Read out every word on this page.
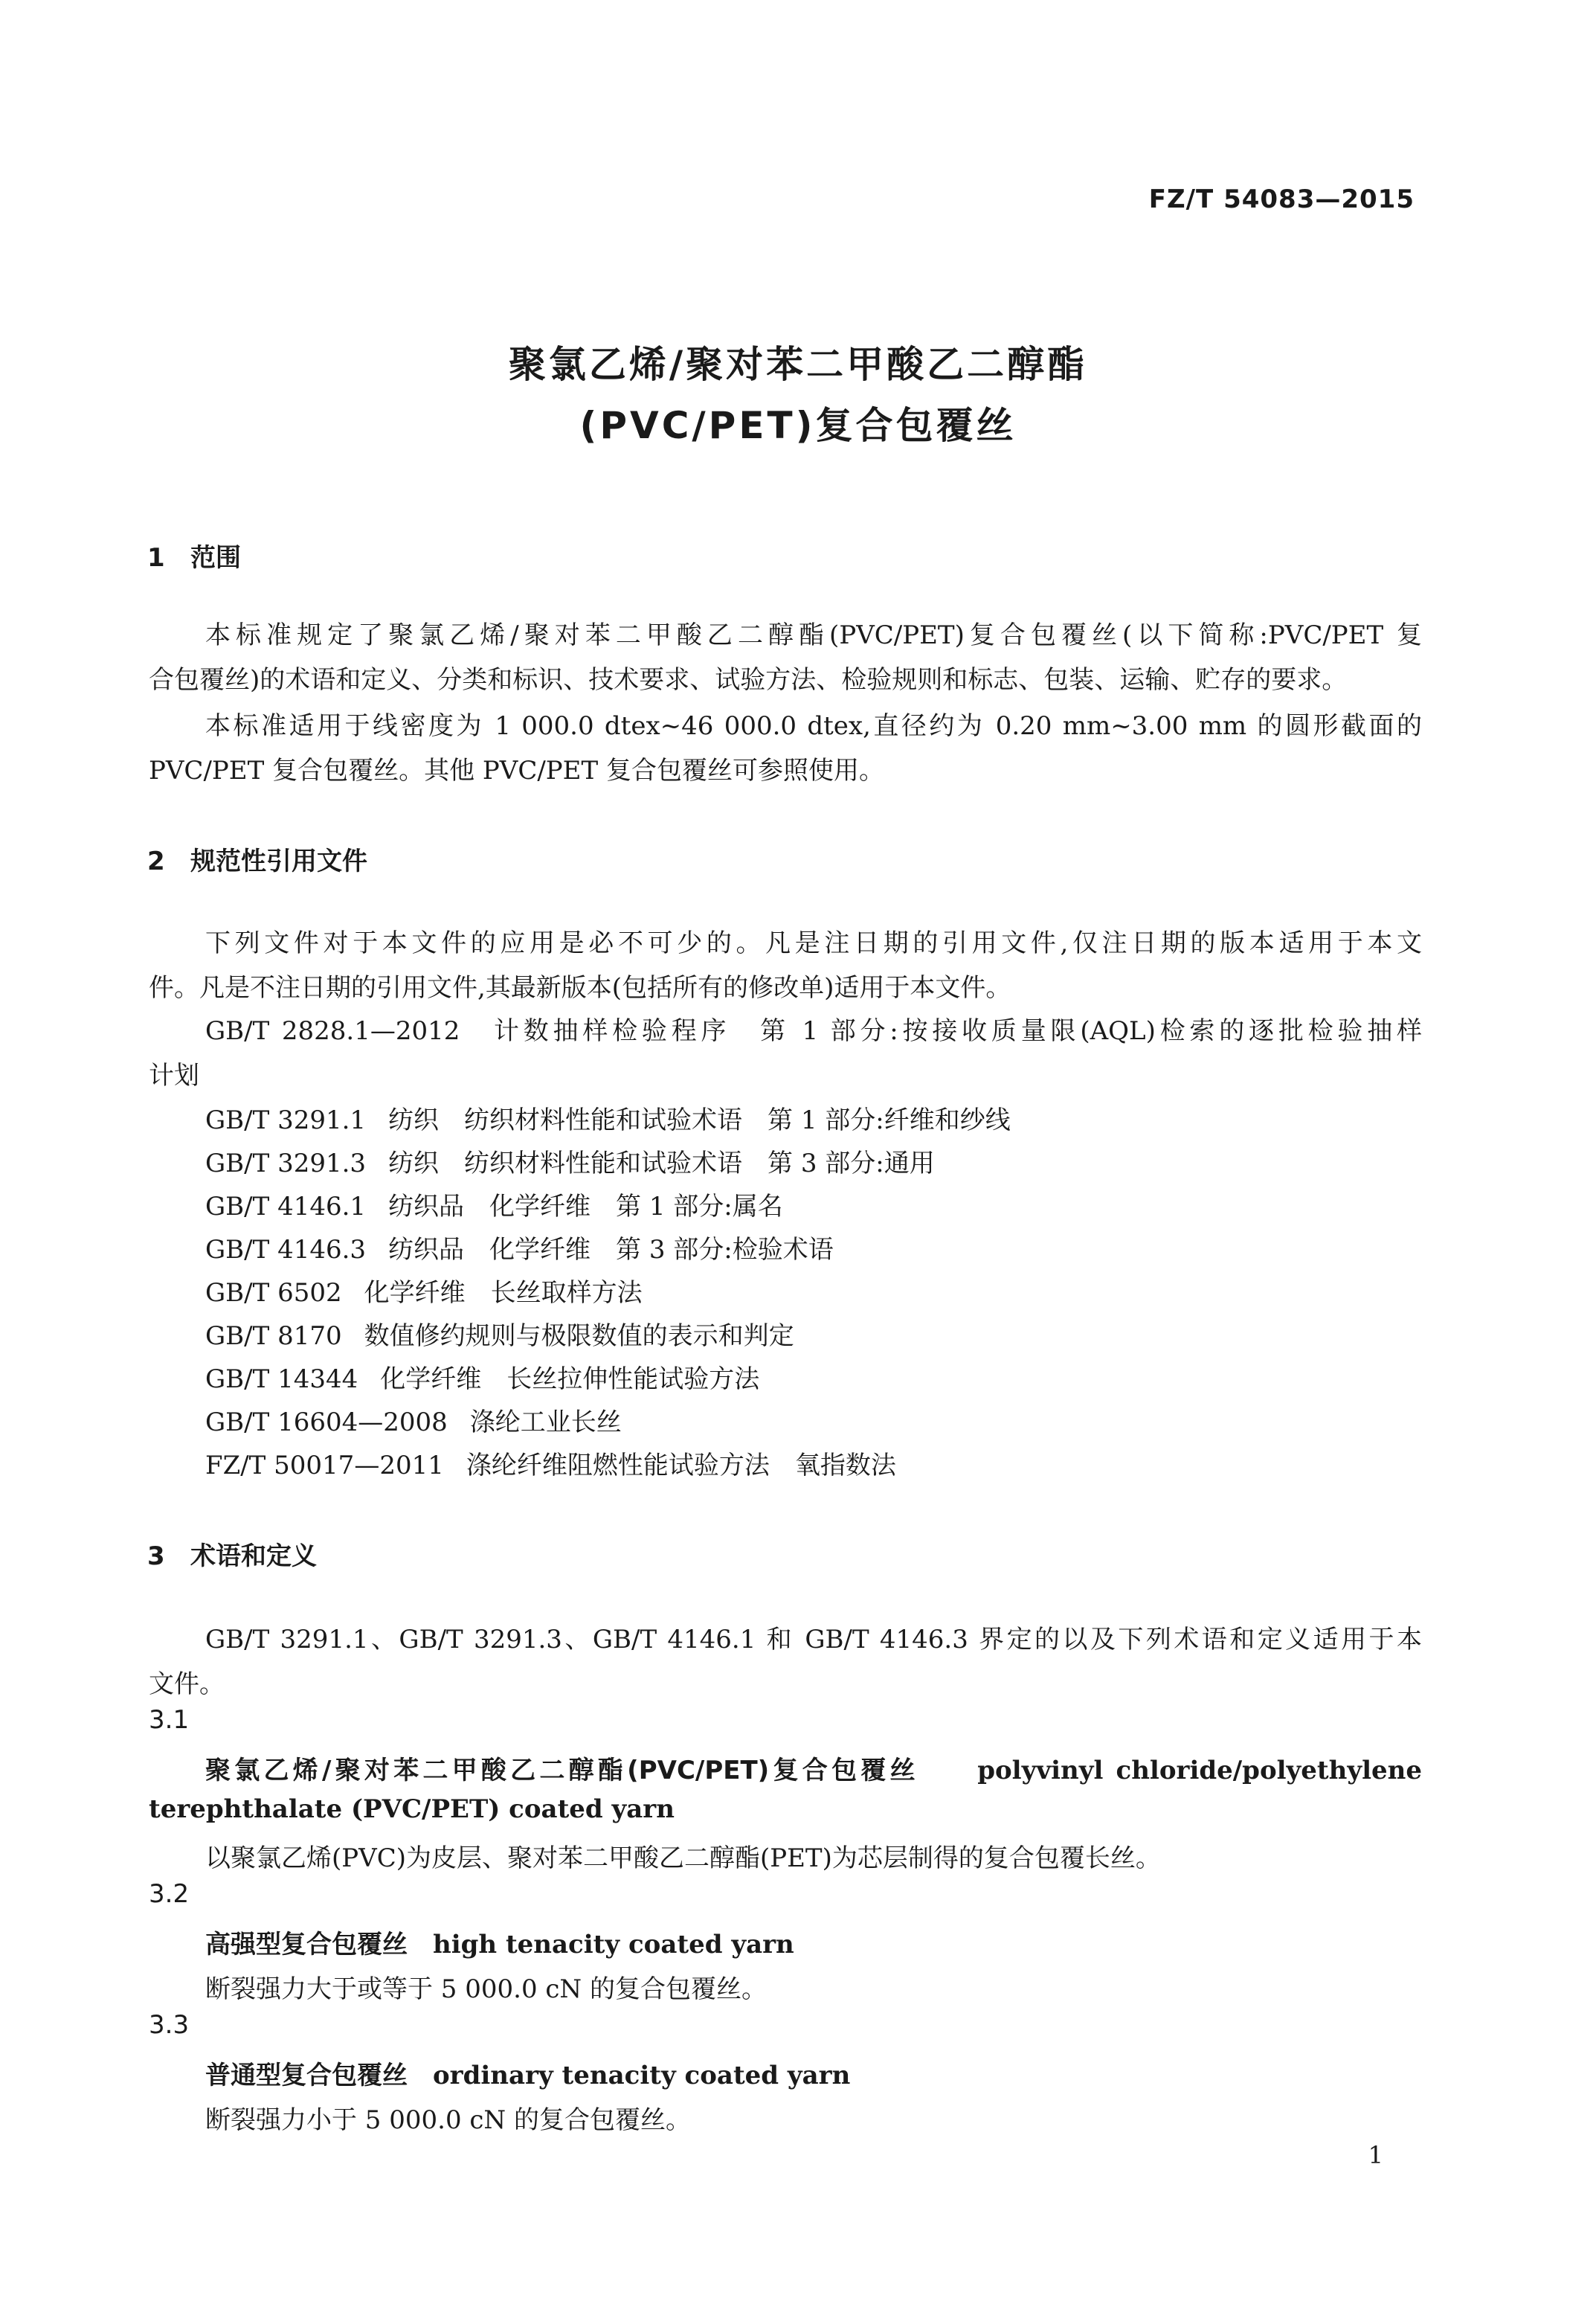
FZ/T 54083—2015
聚氯乙烯/聚对苯二甲酸乙二醇酯
(PVC/PET)复合包覆丝
1 范围
本标准规定了聚氯乙烯/聚对苯二甲酸乙二醇酯(PVC/PET)复合包覆丝(以下简称:PVC/PET 复
合包覆丝)的术语和定义、分类和标识、技术要求、试验方法、检验规则和标志、包装、运输、贮存的要求。
本标准适用于线密度为 1 000.0 dtex~46 000.0 dtex,直径约为 0.20 mm~3.00 mm 的圆形截面的
PVC/PET 复合包覆丝。其他 PVC/PET 复合包覆丝可参照使用。
2 规范性引用文件
下列文件对于本文件的应用是必不可少的。凡是注日期的引用文件,仅注日期的版本适用于本文
件。凡是不注日期的引用文件,其最新版本(包括所有的修改单)适用于本文件。
GB/T 2828.1—2012　计数抽样检验程序　第 1 部分:按接收质量限(AQL)检索的逐批检验抽样
计划
GB/T 3291.1 纺织　纺织材料性能和试验术语　第 1 部分:纤维和纱线
GB/T 3291.3 纺织　纺织材料性能和试验术语　第 3 部分:通用
GB/T 4146.1 纺织品　化学纤维　第 1 部分:属名
GB/T 4146.3 纺织品　化学纤维　第 3 部分:检验术语
GB/T 6502 化学纤维　长丝取样方法
GB/T 8170 数值修约规则与极限数值的表示和判定
GB/T 14344 化学纤维　长丝拉伸性能试验方法
GB/T 16604—2008 涤纶工业长丝
FZ/T 50017—2011 涤纶纤维阻燃性能试验方法　氧指数法
3 术语和定义
GB/T 3291.1、GB/T 3291.3、GB/T 4146.1 和 GB/T 4146.3 界定的以及下列术语和定义适用于本
文件。
3.1
聚氯乙烯/聚对苯二甲酸乙二醇酯(PVC/PET)复合包覆丝　　 polyvinyl chloride/polyethylene
terephthalate (PVC/PET) coated yarn
以聚氯乙烯(PVC)为皮层、聚对苯二甲酸乙二醇酯(PET)为芯层制得的复合包覆长丝。
3.2
高强型复合包覆丝　 high tenacity coated yarn
断裂强力大于或等于 5 000.0 cN 的复合包覆丝。
3.3
普通型复合包覆丝　 ordinary tenacity coated yarn
断裂强力小于 5 000.0 cN 的复合包覆丝。
1
